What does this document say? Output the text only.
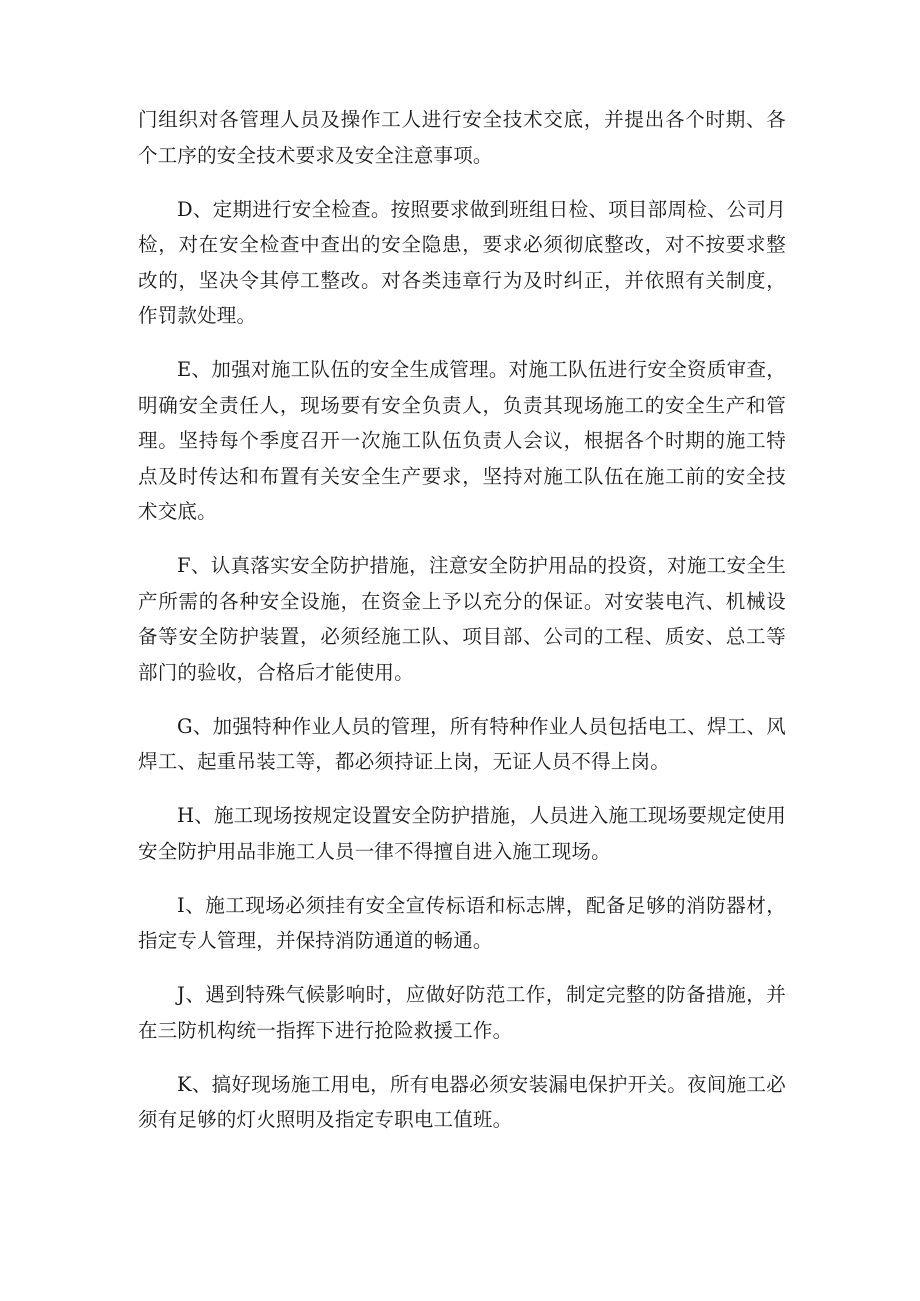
门组织对各管理人员及操作工人进行安全技术交底，并提出各个时期、各个工序的安全技术要求及安全注意事项。

D、定期进行安全检查。按照要求做到班组日检、项目部周检、公司月检，对在安全检查中查出的安全隐患，要求必须彻底整改，对不按要求整改的，坚决令其停工整改。对各类违章行为及时纠正，并依照有关制度，作罚款处理。

E、加强对施工队伍的安全生成管理。对施工队伍进行安全资质审查，明确安全责任人，现场要有安全负责人，负责其现场施工的安全生产和管理。坚持每个季度召开一次施工队伍负责人会议，根据各个时期的施工特点及时传达和布置有关安全生产要求，坚持对施工队伍在施工前的安全技术交底。

F、认真落实安全防护措施，注意安全防护用品的投资，对施工安全生产所需的各种安全设施，在资金上予以充分的保证。对安装电汽、机械设备等安全防护装置，必须经施工队、项目部、公司的工程、质安、总工等部门的验收，合格后才能使用。

G、加强特种作业人员的管理，所有特种作业人员包括电工、焊工、风焊工、起重吊装工等，都必须持证上岗，无证人员不得上岗。

H、施工现场按规定设置安全防护措施，人员进入施工现场要规定使用安全防护用品非施工人员一律不得擅自进入施工现场。

I、施工现场必须挂有安全宣传标语和标志牌，配备足够的消防器材，指定专人管理，并保持消防通道的畅通。

J、遇到特殊气候影响时，应做好防范工作，制定完整的防备措施，并在三防机构统一指挥下进行抢险救援工作。

K、搞好现场施工用电，所有电器必须安装漏电保护开关。夜间施工必须有足够的灯火照明及指定专职电工值班。
